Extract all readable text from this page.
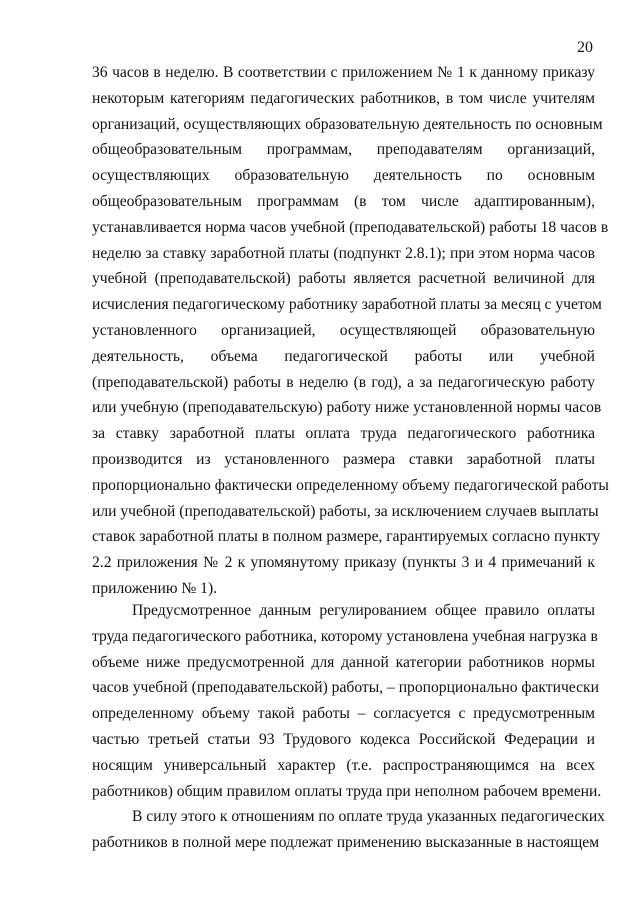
20
36 часов в неделю. В соответствии с приложением № 1 к данному приказу
некоторым категориям педагогических работников, в том числе учителям
организаций, осуществляющих образовательную деятельность по основным
общеобразовательным программам, преподавателям организаций,
осуществляющих образовательную деятельность по основным
общеобразовательным программам (в том числе адаптированным),
устанавливается норма часов учебной (преподавательской) работы 18 часов в
неделю за ставку заработной платы (подпункт 2.8.1); при этом норма часов
учебной (преподавательской) работы является расчетной величиной для
исчисления педагогическому работнику заработной платы за месяц с учетом
установленного организацией, осуществляющей образовательную
деятельность, объема педагогической работы или учебной
(преподавательской) работы в неделю (в год), а за педагогическую работу
или учебную (преподавательскую) работу ниже установленной нормы часов
за ставку заработной платы оплата труда педагогического работника
производится из установленного размера ставки заработной платы
пропорционально фактически определенному объему педагогической работы
или учебной (преподавательской) работы, за исключением случаев выплаты
ставок заработной платы в полном размере, гарантируемых согласно пункту
2.2 приложения № 2 к упомянутому приказу (пункты 3 и 4 примечаний к
приложению № 1).
Предусмотренное данным регулированием общее правило оплаты
труда педагогического работника, которому установлена учебная нагрузка в
объеме ниже предусмотренной для данной категории работников нормы
часов учебной (преподавательской) работы, – пропорционально фактически
определенному объему такой работы – согласуется с предусмотренным
частью третьей статьи 93 Трудового кодекса Российской Федерации и
носящим универсальный характер (т.е. распространяющимся на всех
работников) общим правилом оплаты труда при неполном рабочем времени.
В силу этого к отношениям по оплате труда указанных педагогических
работников в полной мере подлежат применению высказанные в настоящем
